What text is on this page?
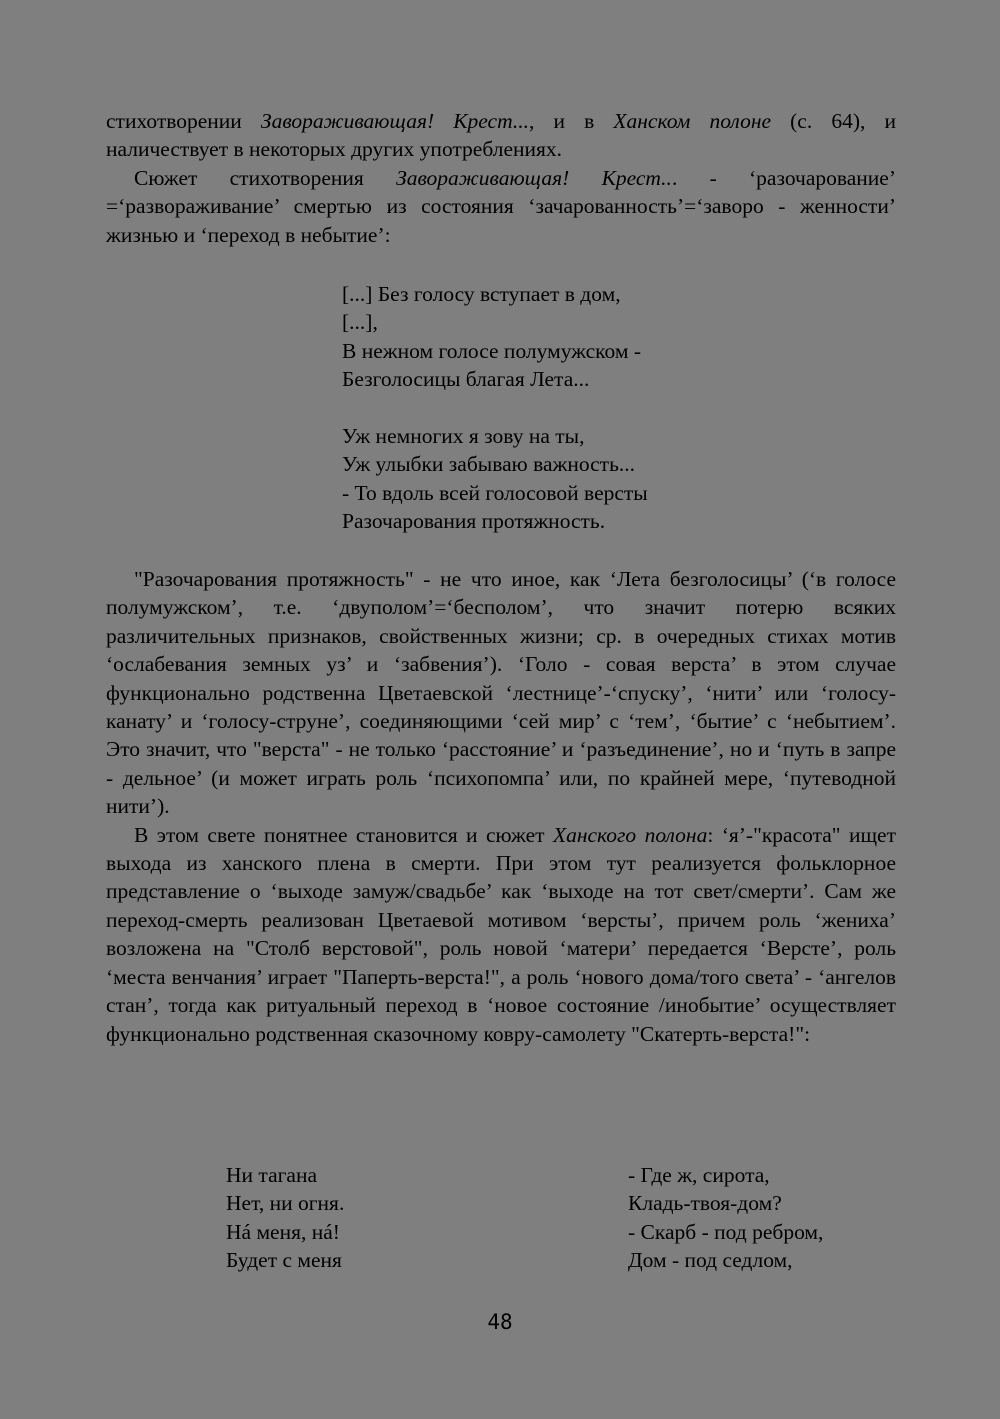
стихотворении Завораживающая! Крест..., и в Ханском полоне (с. 64), и наличествует в некоторых других употреблениях.

Сюжет стихотворения Завораживающая! Крест... - ‘разочарование’ =‘развораживание’ смертью из состояния ‘зачарованность’=‘заворо - женности’ жизнью и ‘переход в небытие’:

[...] Без голосу вступает в дом,
[...],
В нежном голосе полумужском -
Безголосицы благая Лета...
Уж немногих я зову на ты,
Уж улыбки забываю важность...
- То вдоль всей голосовой версты
Разочарования протяжность.

"Разочарования протяжность" - не что иное, как ‘Лета безголосицы’ (‘в голосе полумужском’, т.е. ‘двуполом’=‘бесполом’, что значит потерю всяких различительных признаков, свойственных жизни; ср. в очередных стихах мотив ‘ослабевания земных уз’ и ‘забвения’). ‘Голо - совая верста’ в этом случае функционально родственна Цветаевской ‘лестнице’-‘спуску’, ‘нити’ или ‘голосу-канату’ и ‘голосу-струне’, соединяющими ‘сей мир’ с ‘тем’, ‘бытие’ с ‘небытием’. Это значит, что "верста" - не только ‘расстояние’ и ‘разъединение’, но и ‘путь в запре - дельное’ (и может играть роль ‘психопомпа’ или, по крайней мере, ‘путеводной нити’).

В этом свете понятнее становится и сюжет Ханского полона: ‘я’-"красота" ищет выхода из ханского плена в смерти. При этом тут реализуется фольклорное представление о ‘выходе замуж/свадьбе’ как ‘выходе на тот свет/смерти’. Сам же переход-смерть реализован Цветаевой мотивом ‘версты’, причем роль ‘жениха’ возложена на "Столб верстовой", роль новой ‘матери’ передается ‘Версте’, роль ‘места венчания’ играет "Паперть-верста!", а роль ‘нового дома/того света’ - ‘ангелов стан’, тогда как ритуальный переход в ‘новое состояние /инобытие’ осуществляет функционально родственная сказочному ковру-самолету "Скатерть-верста!":

Ни тагана
Нет, ни огня.
Нá меня, нá!
Будет с меня
- Где ж, сирота,
Кладь-твоя-дом?
- Скарб - под ребром,
Дом - под седлом,
48
